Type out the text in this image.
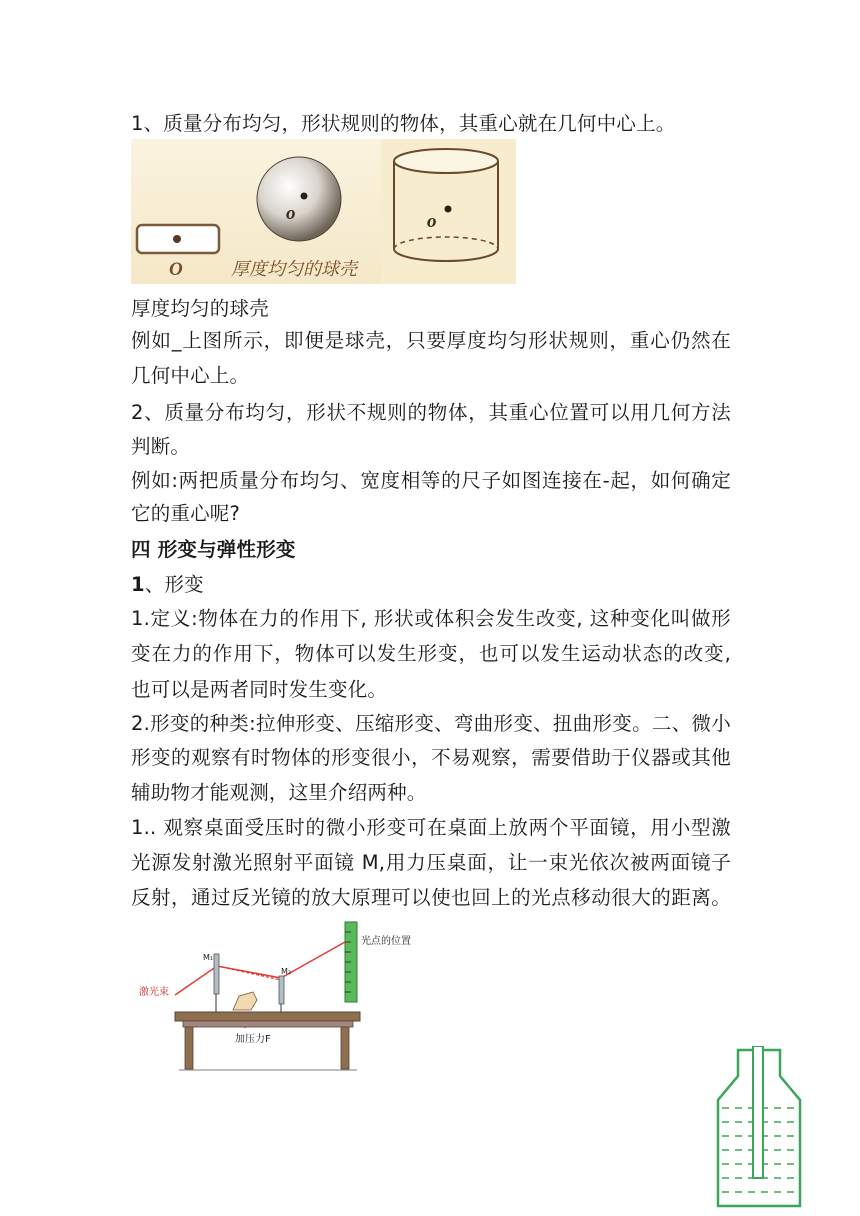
1、质量分布均匀，形状规则的物体，其重心就在几何中心上。
O
o
厚度均匀的球壳
o
厚度均匀的球壳
例如_上图所示，即便是球壳，只要厚度均匀形状规则，重心仍然在
几何中心上。
2、质量分布均匀，形状不规则的物体，其重心位置可以用几何方法
判断。
例如:两把质量分布均匀、宽度相等的尺子如图连接在-起，如何确定
它的重心呢?
四 形变与弹性形变
1、形变
1.定义:物体在力的作用下, 形状或体积会发生改变, 这种变化叫做形
变在力的作用下，物体可以发生形变，也可以发生运动状态的改变,
也可以是两者同时发生变化。
2.形变的种类:拉伸形变、压缩形变、弯曲形变、扭曲形变。二、微小
形变的观察有时物体的形变很小，不易观察，需要借助于仪器或其他
辅助物才能观测，这里介绍两种。
1.. 观察桌面受压时的微小形变可在桌面上放两个平面镜，用小型激
光源发射激光照射平面镜 M,用力压桌面，让一束光依次被两面镜子
反射，通过反光镜的放大原理可以使也回上的光点移动很大的距离。
光点的位置
激光束
M₁
M₂
加压力F
